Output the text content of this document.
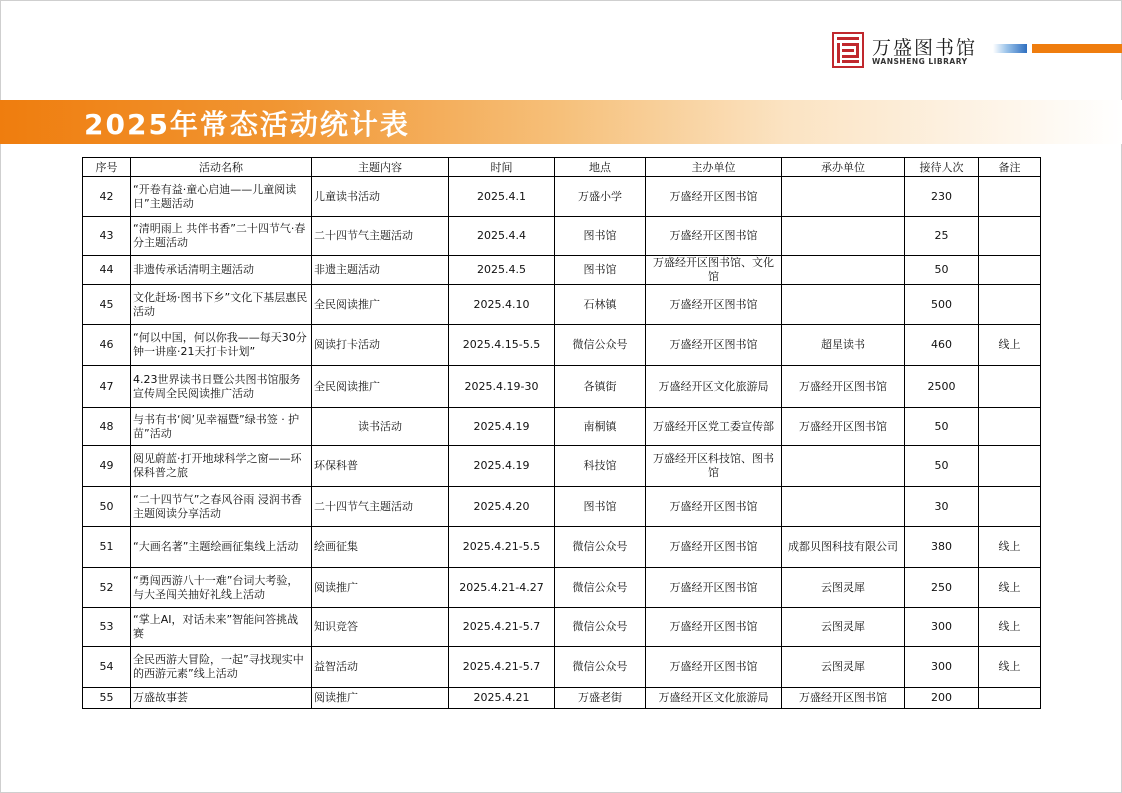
万盛图书馆
WANSHENG LIBRARY
2025年常态活动统计表
序号	活动名称	主题内容	时间	地点	主办单位	承办单位	接待人次	备注
42	“开卷有益·童心启迪——儿童阅读日”主题活动	儿童读书活动	2025.4.1	万盛小学	万盛经开区图书馆		230	
43	“清明雨上 共伴书香”二十四节气·春分主题活动	二十四节气主题活动	2025.4.4	图书馆	万盛经开区图书馆		25	
44	非遗传承话清明主题活动	非遗主题活动	2025.4.5	图书馆	万盛经开区图书馆、文化馆		50	
45	文化赶场·图书下乡”文化下基层惠民活动	全民阅读推广	2025.4.10	石林镇	万盛经开区图书馆		500	
46	“何以中国，何以你我——每天30分钟一讲座·21天打卡计划”	阅读打卡活动	2025.4.15-5.5	微信公众号	万盛经开区图书馆	超星读书	460	线上
47	4.23世界读书日暨公共图书馆服务宣传周全民阅读推广活动	全民阅读推广	2025.4.19-30	各镇街	万盛经开区文化旅游局	万盛经开区图书馆	2500	
48	与书有书‘阅’见幸福暨”绿书签 · 护苗”活动	读书活动	2025.4.19	南桐镇	万盛经开区党工委宣传部	万盛经开区图书馆	50	
49	阅见蔚蓝·打开地球科学之窗——环保科普之旅	环保科普	2025.4.19	科技馆	万盛经开区科技馆、图书馆		50	
50	“二十四节气”之春风谷雨 浸润书香主题阅读分享活动	二十四节气主题活动	2025.4.20	图书馆	万盛经开区图书馆		30	
51	“大画名著”主题绘画征集线上活动	绘画征集	2025.4.21-5.5	微信公众号	万盛经开区图书馆	成都贝图科技有限公司	380	线上
52	“勇闯西游八十一难”台词大考验，与大圣闯关抽好礼线上活动	阅读推广	2025.4.21-4.27	微信公众号	万盛经开区图书馆	云图灵犀	250	线上
53	“掌上AI，对话未来”智能问答挑战赛	知识竞答	2025.4.21-5.7	微信公众号	万盛经开区图书馆	云图灵犀	300	线上
54	全民西游大冒险，一起”寻找现实中的西游元素”线上活动	益智活动	2025.4.21-5.7	微信公众号	万盛经开区图书馆	云图灵犀	300	线上
55	万盛故事荟	阅读推广	2025.4.21	万盛老街	万盛经开区文化旅游局	万盛经开区图书馆	200	
